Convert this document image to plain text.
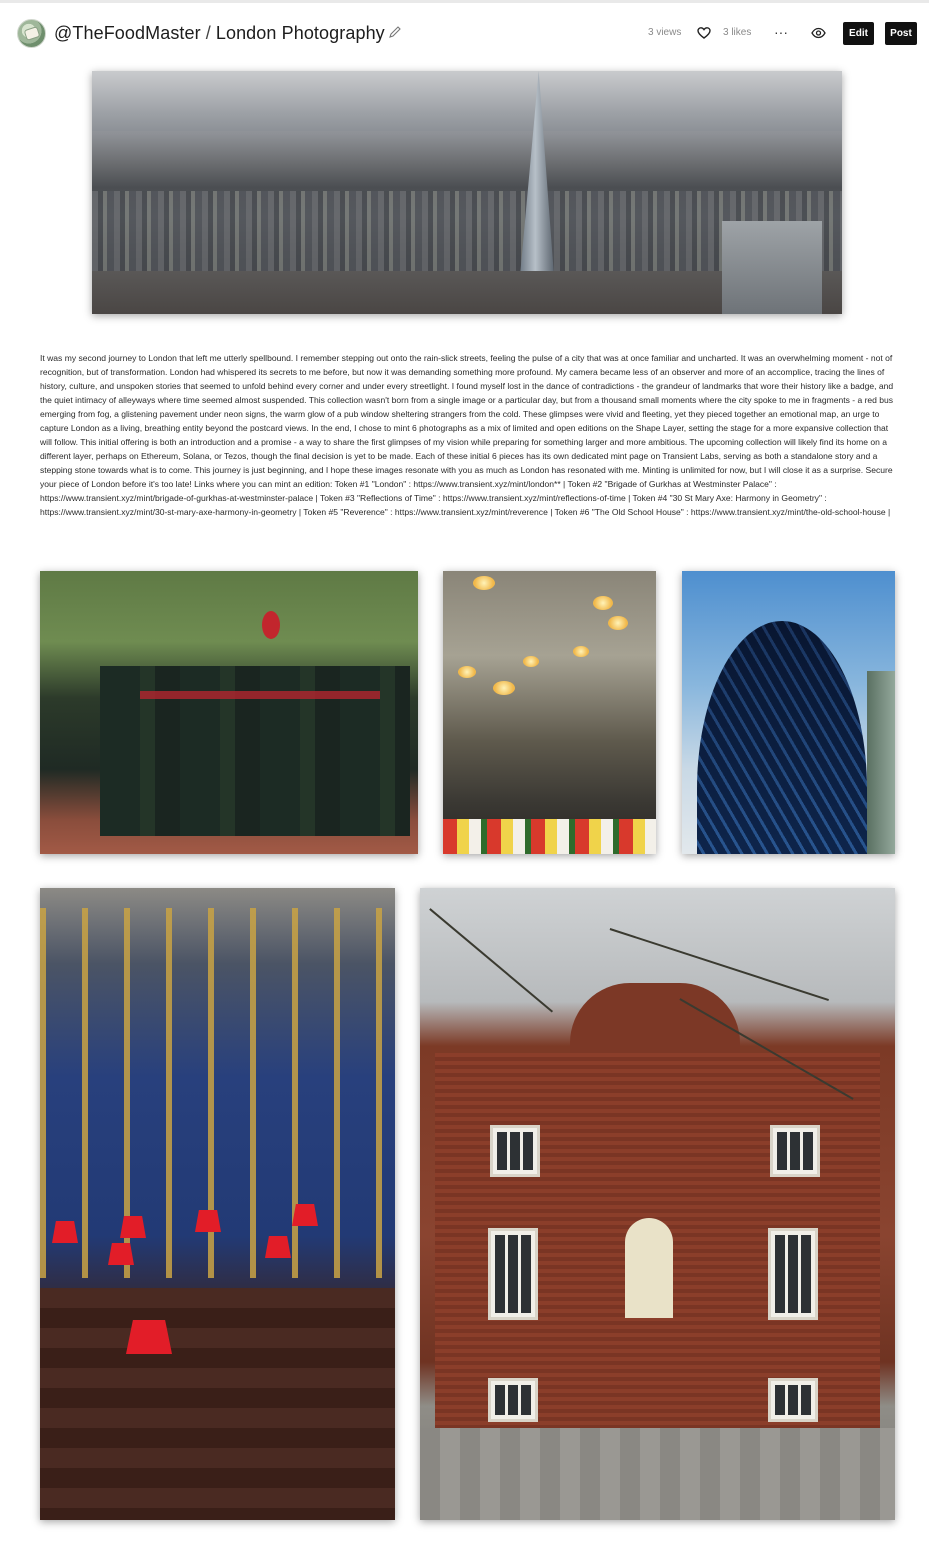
@TheFoodMaster / London Photography	3 views	3 likes ···	Edit	Post

It was my second journey to London that left me utterly spellbound. I remember stepping out onto the rain-slick streets, feeling the pulse of a city that was at once familiar and uncharted. It was an overwhelming moment - not of recognition, but of transformation. London had whispered its secrets to me before, but now it was demanding something more profound. My camera became less of an observer and more of an accomplice, tracing the lines of history, culture, and unspoken stories that seemed to unfold behind every corner and under every streetlight. I found myself lost in the dance of contradictions - the grandeur of landmarks that wore their history like a badge, and the quiet intimacy of alleyways where time seemed almost suspended. This collection wasn't born from a single image or a particular day, but from a thousand small moments where the city spoke to me in fragments - a red bus emerging from fog, a glistening pavement under neon signs, the warm glow of a pub window sheltering strangers from the cold. These glimpses were vivid and fleeting, yet they pieced together an emotional map, an urge to capture London as a living, breathing entity beyond the postcard views. In the end, I chose to mint 6 photographs as a mix of limited and open editions on the Shape Layer, setting the stage for a more expansive collection that will follow. This initial offering is both an introduction and a promise - a way to share the first glimpses of my vision while preparing for something larger and more ambitious. The upcoming collection will likely find its home on a different layer, perhaps on Ethereum, Solana, or Tezos, though the final decision is yet to be made. Each of these initial 6 pieces has its own dedicated mint page on Transient Labs, serving as both a standalone story and a stepping stone towards what is to come. This journey is just beginning, and I hope these images resonate with you as much as London has resonated with me. Minting is unlimited for now, but I will close it as a surprise. Secure your piece of London before it's too late! Links where you can mint an edition: Token #1 "London" : https://www.transient.xyz/mint/london** | Token #2 "Brigade of Gurkhas at Westminster Palace" : https://www.transient.xyz/mint/brigade-of-gurkhas-at-westminster-palace | Token #3 "Reflections of Time" : https://www.transient.xyz/mint/reflections-of-time | Token #4 "30 St Mary Axe: Harmony in Geometry" : https://www.transient.xyz/mint/30-st-mary-axe-harmony-in-geometry | Token #5 "Reverence" : https://www.transient.xyz/mint/reverence | Token #6 "The Old School House" : https://www.transient.xyz/mint/the-old-school-house |
